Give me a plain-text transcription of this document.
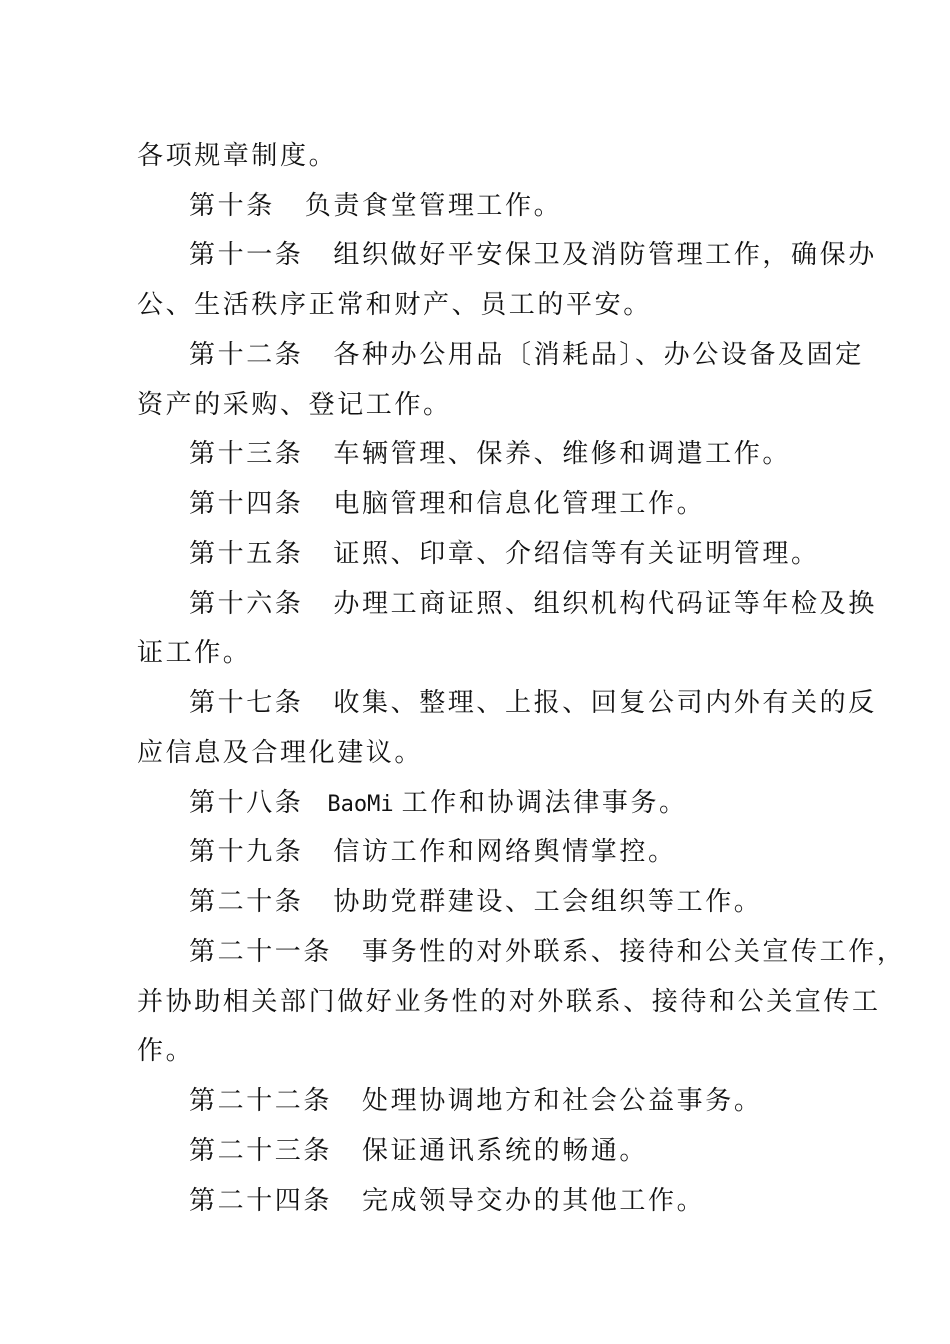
各项规章制度。
第十条 负责食堂管理工作。
第十一条 组织做好平安保卫及消防管理工作，确保办
公、生活秩序正常和财产、员工的平安。
第十二条 各种办公用品〔消耗品〕、办公设备及固定
资产的采购、登记工作。
第十三条 车辆管理、保养、维修和调遣工作。
第十四条 电脑管理和信息化管理工作。
第十五条 证照、印章、介绍信等有关证明管理。
第十六条 办理工商证照、组织机构代码证等年检及换
证工作。
第十七条 收集、整理、上报、回复公司内外有关的反
应信息及合理化建议。
第十八条 BaoMi 工作和协调法律事务。
第十九条 信访工作和网络舆情掌控。
第二十条 协助党群建设、工会组织等工作。
第二十一条 事务性的对外联系、接待和公关宣传工作，
并协助相关部门做好业务性的对外联系、接待和公关宣传工
作。
第二十二条 处理协调地方和社会公益事务。
第二十三条 保证通讯系统的畅通。
第二十四条 完成领导交办的其他工作。
